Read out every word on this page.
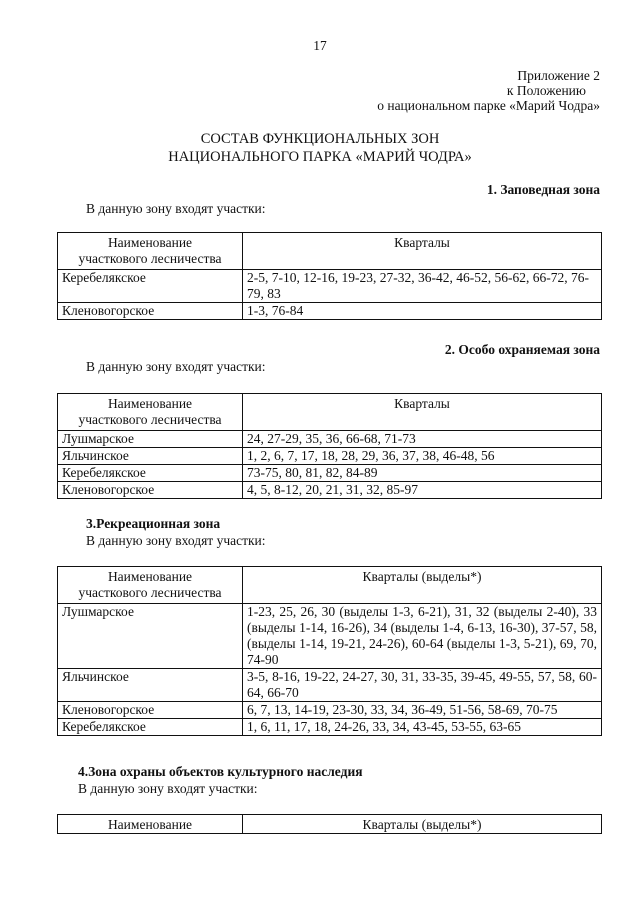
17
Приложение 2
к Положению
о национальном парке «Марий Чодра»
СОСТАВ ФУНКЦИОНАЛЬНЫХ ЗОН
НАЦИОНАЛЬНОГО ПАРКА «МАРИЙ ЧОДРА»
1. Заповедная зона
В данную зону входят участки:
Наименование
участкового лесничества	Кварталы
Керебелякское	2-5, 7-10, 12-16, 19-23, 27-32, 36-42, 46-52, 56-62, 66-72, 76-79, 83
Кленовогорское	1-3, 76-84
2. Особо охраняемая зона
В данную зону входят участки:
Наименование
участкового лесничества	Кварталы
Лушмарское	24, 27-29, 35, 36, 66-68, 71-73
Яльчинское	1, 2, 6, 7, 17, 18, 28, 29, 36, 37, 38, 46-48, 56
Керебелякское	73-75, 80, 81, 82, 84-89
Кленовогорское	4, 5, 8-12, 20, 21, 31, 32, 85-97
3.Рекреационная зона
В данную зону входят участки:
Наименование
участкового лесничества	Кварталы (выделы*)
Лушмарское	1-23, 25, 26, 30 (выделы 1-3, 6-21), 31, 32 (выделы 2-40), 33 (выделы 1-14, 16-26), 34 (выделы 1-4, 6-13, 16-30), 37-57, 58, (выделы 1-14, 19-21, 24-26), 60-64 (выделы 1-3, 5-21), 69, 70, 74-90
Яльчинское	3-5, 8-16, 19-22, 24-27, 30, 31, 33-35, 39-45, 49-55, 57, 58, 60-64, 66-70
Кленовогорское	6, 7, 13, 14-19, 23-30, 33, 34, 36-49, 51-56, 58-69, 70-75
Керебелякское	1, 6, 11, 17, 18, 24-26, 33, 34, 43-45, 53-55, 63-65
4.Зона охраны объектов культурного наследия
В данную зону входят участки:
Наименование	Кварталы (выделы*)
